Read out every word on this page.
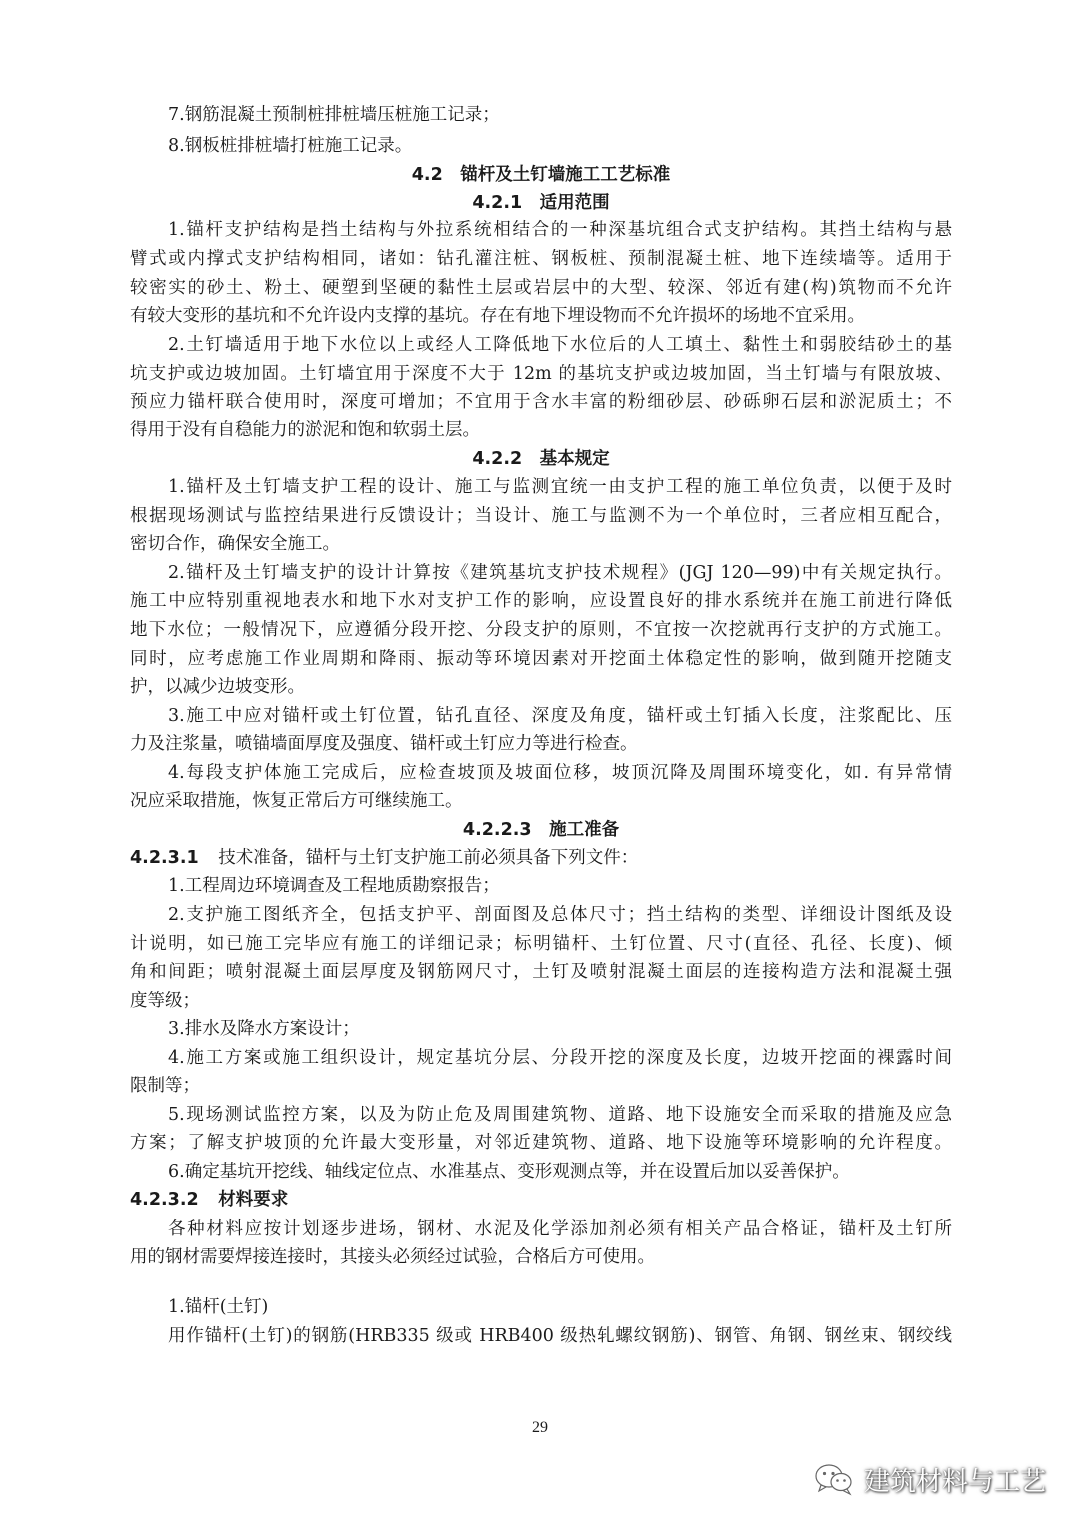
7.钢筋混凝土预制桩排桩墙压桩施工记录；
8.钢板桩排桩墙打桩施工记录。
4.2　锚杆及土钉墙施工工艺标准
4.2.1　适用范围
1.锚杆支护结构是挡土结构与外拉系统相结合的一种深基坑组合式支护结构。其挡土结构与悬
臂式或内撑式支护结构相同，诸如：钻孔灌注桩、钢板桩、预制混凝土桩、地下连续墙等。适用于
较密实的砂土、粉土、硬塑到坚硬的黏性土层或岩层中的大型、较深、邻近有建(构)筑物而不允许
有较大变形的基坑和不允许设内支撑的基坑。存在有地下埋设物而不允许损坏的场地不宜采用。
2.土钉墙适用于地下水位以上或经人工降低地下水位后的人工填土、黏性土和弱胶结砂土的基
坑支护或边坡加固。土钉墙宜用于深度不大于 12m 的基坑支护或边坡加固，当土钉墙与有限放坡、
预应力锚杆联合使用时，深度可增加；不宜用于含水丰富的粉细砂层、砂砾卵石层和淤泥质土；不
得用于没有自稳能力的淤泥和饱和软弱土层。
4.2.2　基本规定
1.锚杆及土钉墙支护工程的设计、施工与监测宜统一由支护工程的施工单位负责，以便于及时
根据现场测试与监控结果进行反馈设计；当设计、施工与监测不为一个单位时，三者应相互配合，
密切合作，确保安全施工。
2.锚杆及土钉墙支护的设计计算按《建筑基坑支护技术规程》(JGJ 120—99)中有关规定执行。
施工中应特别重视地表水和地下水对支护工作的影响，应设置良好的排水系统并在施工前进行降低
地下水位；一般情况下，应遵循分段开挖、分段支护的原则，不宜按一次挖就再行支护的方式施工。
同时，应考虑施工作业周期和降雨、振动等环境因素对开挖面土体稳定性的影响，做到随开挖随支
护，以减少边坡变形。
3.施工中应对锚杆或土钉位置，钻孔直径、深度及角度，锚杆或土钉插入长度，注浆配比、压
力及注浆量，喷锚墙面厚度及强度、锚杆或土钉应力等进行检查。
4.每段支护体施工完成后，应检查坡顶及坡面位移，坡顶沉降及周围环境变化，如. 有异常情
况应采取措施，恢复正常后方可继续施工。
4.2.2.3　施工准备
4.2.3.1 技术准备，锚杆与土钉支护施工前必须具备下列文件：
1.工程周边环境调查及工程地质勘察报告；
2.支护施工图纸齐全，包括支护平、剖面图及总体尺寸；挡土结构的类型、详细设计图纸及设
计说明，如已施工完毕应有施工的详细记录；标明锚杆、土钉位置、尺寸(直径、孔径、长度)、倾
角和间距；喷射混凝土面层厚度及钢筋网尺寸，土钉及喷射混凝土面层的连接构造方法和混凝土强
度等级；
3.排水及降水方案设计；
4.施工方案或施工组织设计，规定基坑分层、分段开挖的深度及长度，边坡开挖面的裸露时间
限制等；
5.现场测试监控方案，以及为防止危及周围建筑物、道路、地下设施安全而采取的措施及应急
方案；了解支护坡顶的允许最大变形量，对邻近建筑物、道路、地下设施等环境影响的允许程度。
6.确定基坑开挖线、轴线定位点、水准基点、变形观测点等，并在设置后加以妥善保护。
4.2.3.2 材料要求
各种材料应按计划逐步进场，钢材、水泥及化学添加剂必须有相关产品合格证，锚杆及土钉所
用的钢材需要焊接连接时，其接头必须经过试验，合格后方可使用。
1.锚杆(土钉)
用作锚杆(土钉)的钢筋(HRB335 级或 HRB400 级热轧螺纹钢筋)、钢管、角钢、钢丝束、钢绞线
29
建筑材料与工艺
